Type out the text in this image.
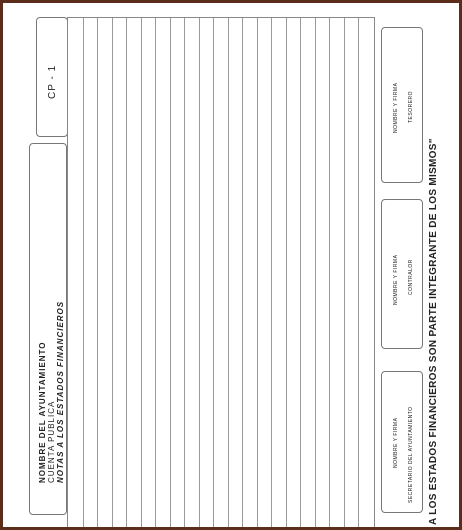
NOMBRE DEL AYUNTAMIENTO CUENTA PUBLICA NOTAS A LOS ESTADOS FINANCIEROS
CP - 1
NOMBRE Y FIRMA SECRETARIO DEL AYUNTAMIENTO
NOMBRE Y FIRMA CONTRALOR
NOMBRE Y FIRMA TESORERO
A LOS ESTADOS FINANCIEROS SON PARTE INTEGRANTE DE LOS MISMOS"
